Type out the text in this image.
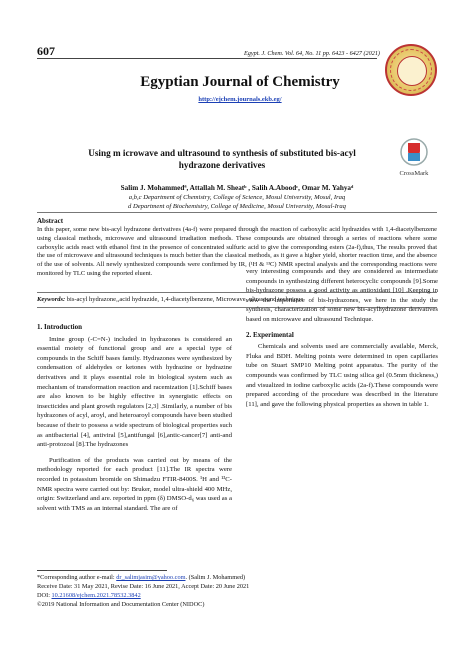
607	Egypt. J. Chem. Vol. 64, No. 11 pp. 6423 - 6427 (2021)
Egyptian Journal of Chemistry
http://ejchem.journals.ekb.eg/
Using m icrowave and ultrasound to synthesis of substituted bis-acyl
hydrazone derivatives
CrossMark
Salim J. Mohammedª, Attallah M. Sheatᵇ , Salih A.Aboodᶜ, Omar M. Yahyaᵈ
a,b,c Department of Chemistry, College of Science, Mosul University, Mosul, Iraq
d Department of Biochemistry, College of Medicine, Mosul University, Mosul-Iraq
Abstract
In this paper, some new bis-acyl hydrazone derivatives (4a-f) were prepared through the reaction of carboxylic acid hydrazides with 1,4-diacetylbenzene using classical methods, microwave and ultrasound irradiation methods. These compounds are obtained through a series of reactions where some carboxylic acids react with ethanol first in the presence of concentrated sulfuric acid to give the corresponding esters (2a-f),thus, The results proved that the use of microwave and ultrasound techniques is much better than the classical methods, as it gave a higher yield, shorter reaction time, and the absence of the use of solvents. All newly synthesized compounds were confirmed by IR, (¹H & ¹³C) NMR spectral analysis and the corresponding reactions were monitored by TLC using the reported eluent.
Keywords: bis-acyl hydrazone,,acid hydrazide, 1,4-diacetylbenzene, Microwave, ultrasound technique
1. Introduction

Imine group (-C=N-) included in hydrazones is considered an essential moiety of functional group and are a special type of compounds in the Schiff bases family. Hydrazones were synthesized by condensation of aldehydes or ketones with hydrazine or hydrazine derivatives and it plays essential role in biological system such as mechanism of transformation reaction and racemization [1].Schiff bases are also known to be highly effective in synergistic effects on insecticides and plant growth regulators [2,3] .Similarly, a number of bis hydrazones of acyl, aroyl, and heteroaroyl compounds have been studied because of their to possess a wide spectrum of biological properties such as antibacterial [4], antiviral [5],antifungal [6],antic-cancer[7] anti-and anti-protozoal [8].The hydrazones

Purification of the products was carried out by means of the methodology reported for each product [11].The IR spectra were recorded in potassium bromide on Shimadzu FTIR-8400S. ¹H and ¹³C-NMR spectra were carried out by: Bruker, model ultra-shield 400 MHz, origin: Switzerland and are. reported in ppm (δ) DMSO-d₆ was used as a solvent with TMS as an internal standard. The are of

very interesting compounds and they are considered as intermediate compounds in synthesizing different heterocyclic compounds [9].Some bis-hydrazone possess a good activity as antioxidant [10] .Keeping in view the importance of bis-hydrazones, we here in the study the synthesis, characterization of some new bis-acylhydrazone derivatives based on microwave and ultrasound Technique.

2. Experimental

Chemicals and solvents used are commercially available, Merck, Fluka and BDH. Melting points were determined in open capillaries tube on Stuart SMP10 Melting point apparatus. The purity of the compounds was confirmed by TLC using silica gel (0.5mm thickness,) and visualized in iodine carboxylic acids (2a-f).These compounds were prepared according of the procedure was described in the literature [11], and gave the following physical properties as shown in table 1.

*Corresponding author e-mail: dr_salimjasim@yahoo.com. (Salim J. Mohammed)
Receive Date: 31 May 2021, Revise Date: 16 June 2021, Accept Date: 20 June 2021
DOI: 10.21608/ejchem.2021.78532.3842
©2019 National Information and Documentation Center (NIDOC)
